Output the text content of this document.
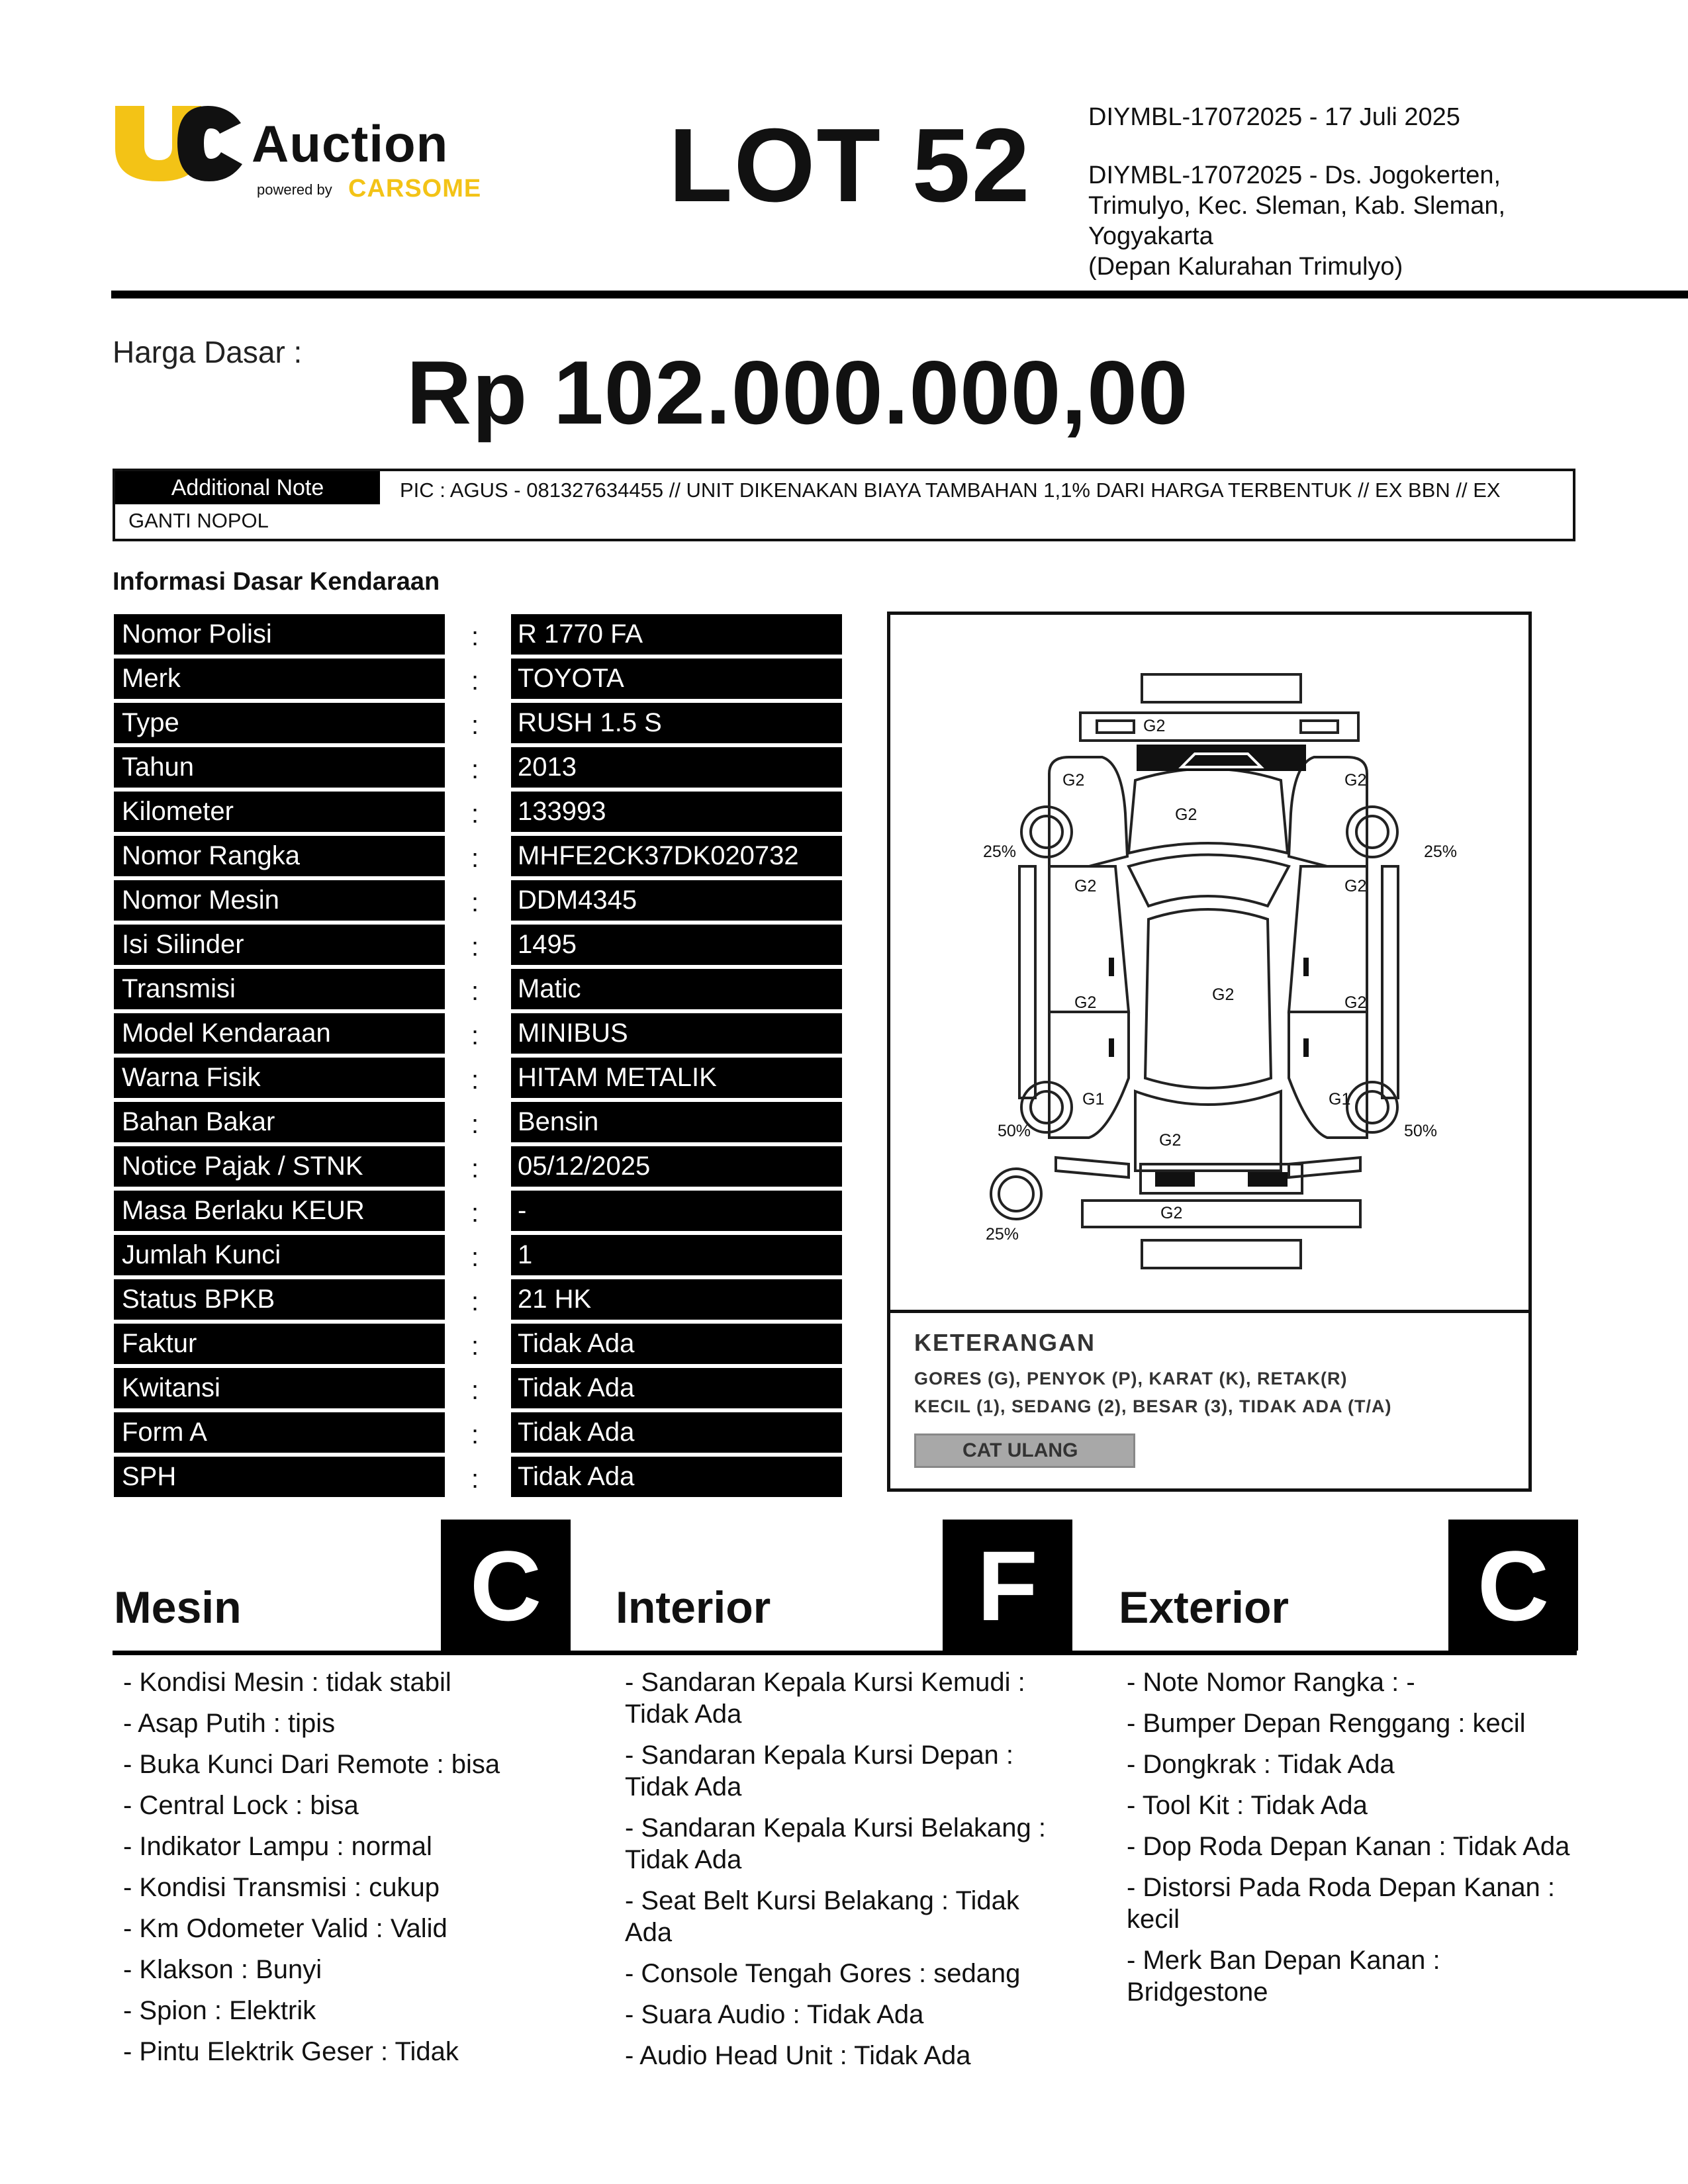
Auction
powered by CARSOME LOT 52 DIYMBL-17072025 - 17 Juli 2025
DIYMBL-17072025 - Ds. Jogokerten,
Trimulyo, Kec. Sleman, Kab. Sleman,
Yogyakarta
(Depan Kalurahan Trimulyo)
Harga Dasar : Rp 102.000.000,00
PIC : AGUS - 081327634455 // UNIT DIKENAKAN BIAYA TAMBAHAN 1,1% DARI HARGA TERBENTUK // EX BBN // EX GANTI NOPOL
Additional Note
Informasi Dasar Kendaraan
Nomor Polisi	:	R 1770 FA
Merk	:	TOYOTA
Type	:	RUSH 1.5 S
Tahun	:	2013
Kilometer	:	133993
Nomor Rangka	:	MHFE2CK37DK020732
Nomor Mesin	:	DDM4345
Isi Silinder	:	1495
Transmisi	:	Matic
Model Kendaraan	:	MINIBUS
Warna Fisik	:	HITAM METALIK
Bahan Bakar	:	Bensin
Notice Pajak / STNK	:	05/12/2025
Masa Berlaku KEUR	:	-
Jumlah Kunci	:	1
Status BPKB	:	21 HK
Faktur	:	Tidak Ada
Kwitansi	:	Tidak Ada
Form A	:	Tidak Ada
SPH	:	Tidak Ada
G2
G2	G2
G2
G2	G2
G2
G2	G2
G1	G1
G2
G2
25%	25%
50%	50%
25%
KETERANGAN
GORES (G), PENYOK (P), KARAT (K), RETAK(R)
KECIL (1), SEDANG (2), BESAR (3), TIDAK ADA (T/A)
CAT ULANG
Mesin C	Interior	F	Exterior C
- Kondisi Mesin : tidak stabil
- Asap Putih : tipis
- Buka Kunci Dari Remote : bisa
- Central Lock : bisa
- Indikator Lampu : normal
- Kondisi Transmisi : cukup
- Km Odometer Valid : Valid
- Klakson : Bunyi
- Spion : Elektrik
- Pintu Elektrik Geser : Tidak
- Sandaran Kepala Kursi Kemudi : Tidak Ada
- Sandaran Kepala Kursi Depan : Tidak Ada
- Sandaran Kepala Kursi Belakang : Tidak Ada
- Seat Belt Kursi Belakang : Tidak Ada
- Console Tengah Gores : sedang
- Suara Audio : Tidak Ada
- Audio Head Unit : Tidak Ada
- Note Nomor Rangka : -
- Bumper Depan Renggang : kecil
- Dongkrak : Tidak Ada
- Tool Kit : Tidak Ada
- Dop Roda Depan Kanan : Tidak Ada
- Distorsi Pada Roda Depan Kanan : kecil
- Merk Ban Depan Kanan : Bridgestone
